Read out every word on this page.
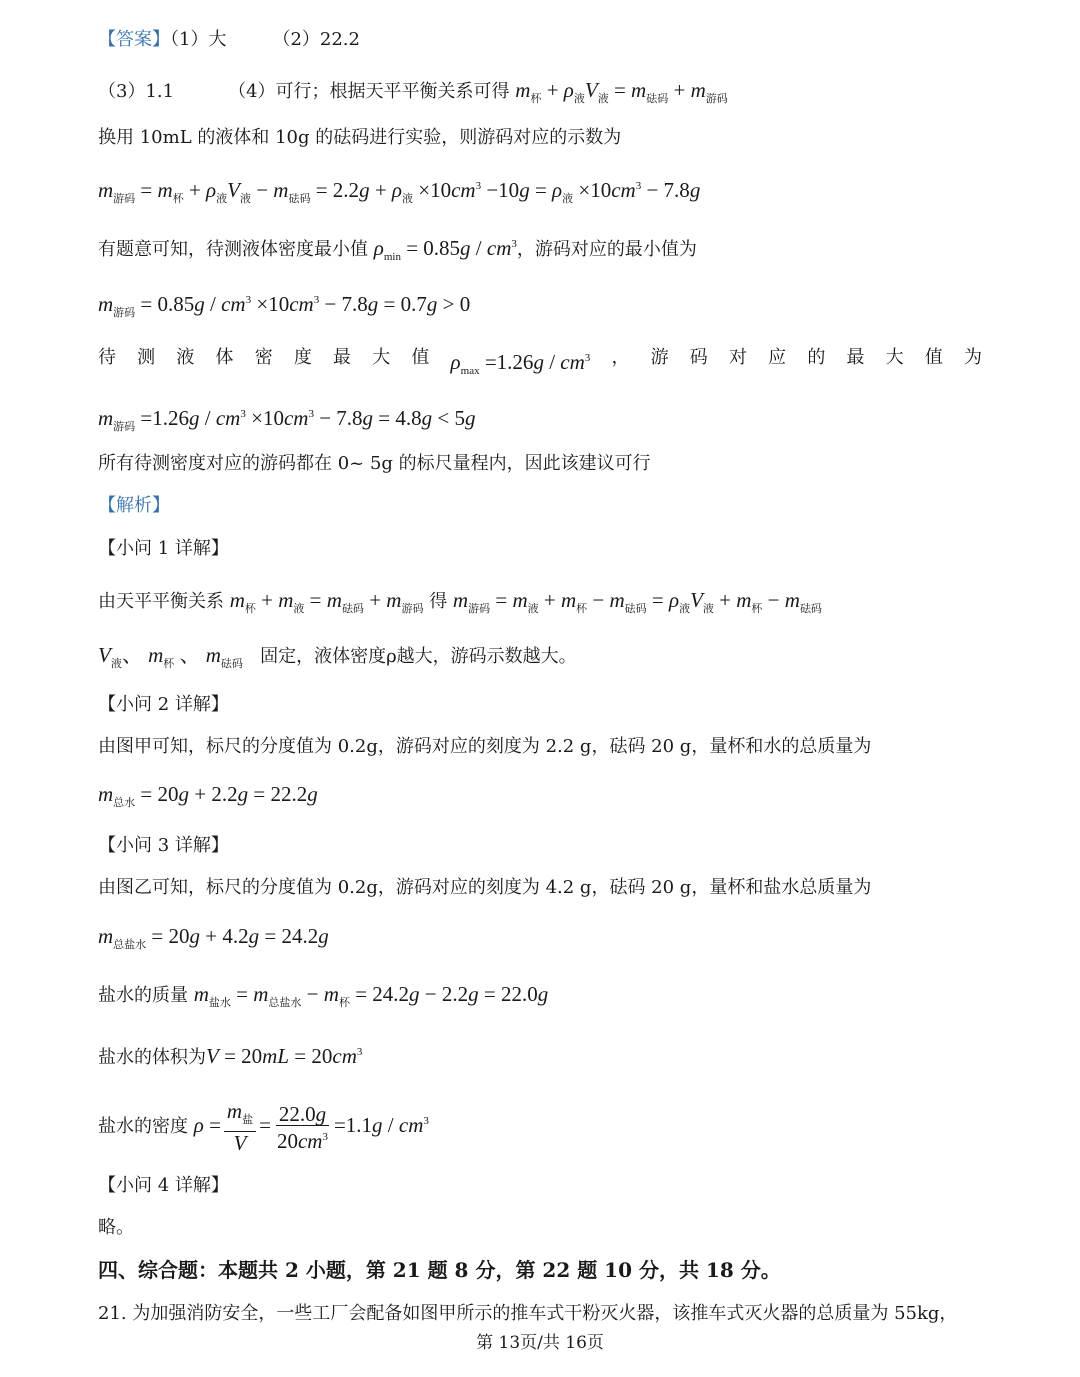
【答案】（1）大	（2）22.2
（3）1.1	（4）可行；根据天平平衡关系可得 $m_杯 + \rho_液V_液 = m_{砝码} + m_{游码}$
换用 10mL 的液体和 10g 的砝码进行实验，则游码对应的示数为
$m_{游码} = m_杯 + \rho_液V_液 - m_{砝码} = 2.2g + \rho_液 \times 10cm^3 -10g = \rho_液 \times 10cm^3 - 7.8g$
有题意可知，待测液体密度最小值 $\rho_{min} = 0.85g / cm^3$，游码对应的最小值为
$m_{游码} = 0.85g / cm^3 \times 10cm^3 - 7.8g = 0.7g > 0$
待 测 液 体 密 度 最 大 值 $\rho_{max} =1.26g / cm^3$ ， 游 码 对 应 的 最 大 值 为
$m_{游码} =1.26g / cm^3 \times 10cm^3 - 7.8g = 4.8g < 5g$
所有待测密度对应的游码都在 0~ 5g 的标尺量程内，因此该建议可行
【解析】
【小问 1 详解】
由天平平衡关系 $m_杯 + m_液 = m_{砝码} + m_{游码}$ 得 $m_{游码} = m_液 + m_杯 - m_{砝码} = \rho_液V_液 + m_杯 - m_{砝码}$
$V_液$、 $m_杯$ 、 $m_{砝码}$ 固定，液体密度ρ越大，游码示数越大。
【小问 2 详解】
由图甲可知，标尺的分度值为 0.2g，游码对应的刻度为 2.2 g，砝码 20 g，量杯和水的总质量为
$m_{总水} = 20g + 2.2g = 22.2g$
【小问 3 详解】
由图乙可知，标尺的分度值为 0.2g，游码对应的刻度为 4.2 g，砝码 20 g，量杯和盐水总质量为
$m_{总盐水} = 20g + 4.2g = 24.2g$
盐水的质量 $m_{盐水} = m_{总盐水} - m_杯 = 24.2g - 2.2g = 22.0g$
盐水的体积为$V = 20mL = 20cm^3$
盐水的密度 $\rho = \frac{m_盐}{V} = \frac{22.0g}{20cm^3} =1.1g / cm^3$
【小问 4 详解】
略。
四、综合题：本题共 2 小题，第 21 题 8 分，第 22 题 10 分，共 18 分。
21. 为加强消防安全，一些工厂会配备如图甲所示的推车式干粉灭火器，该推车式灭火器的总质量为 55kg，
第 13页/共 16页
